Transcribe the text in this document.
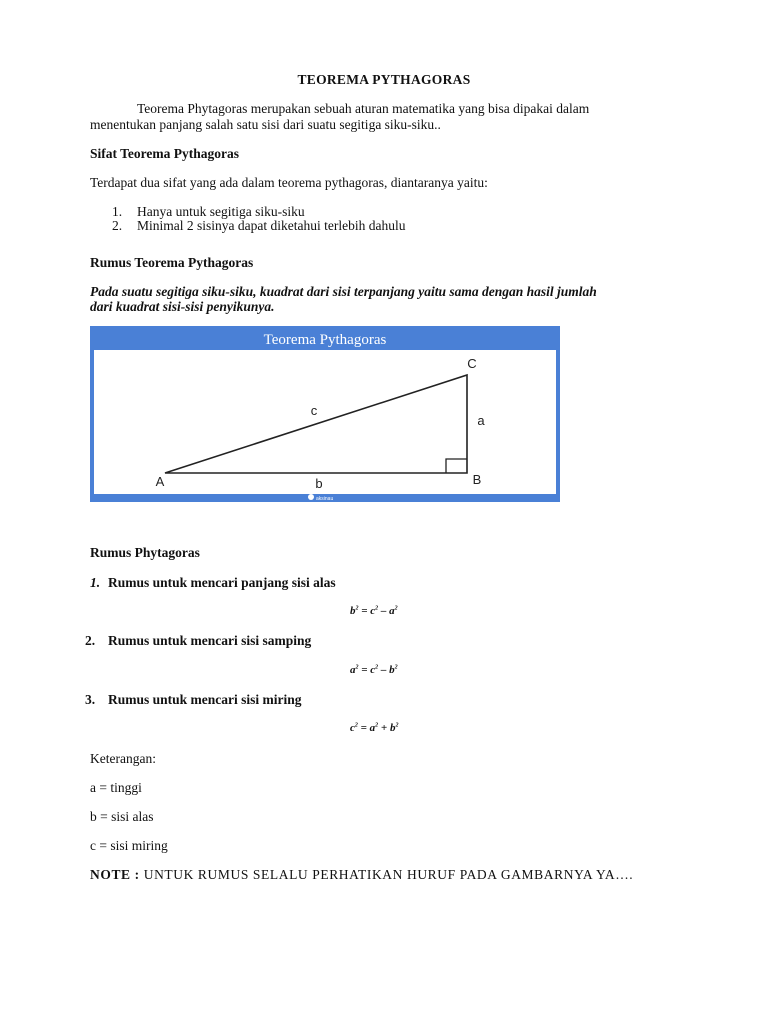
TEOREMA PYTHAGORAS
Teorema Phytagoras merupakan sebuah aturan matematika yang bisa dipakai dalam
menentukan panjang salah satu sisi dari suatu segitiga siku-siku..
Sifat Teorema Pythagoras
Terdapat dua sifat yang ada dalam teorema pythagoras, diantaranya yaitu:
1. Hanya untuk segitiga siku-siku
2. Minimal 2 sisinya dapat diketahui terlebih dahulu
Rumus Teorema Pythagoras
Pada suatu segitiga siku-siku, kuadrat dari sisi terpanjang yaitu sama dengan hasil jumlah
dari kuadrat sisi-sisi penyikunya.
Teorema Pythagoras
A	B
C
a
b
c
aksinau
Rumus Phytagoras
1. Rumus untuk mencari panjang sisi alas
$b^2 = c^2 - a^2$
2. Rumus untuk mencari sisi samping
$a^2 = c^2 - b^2$
3. Rumus untuk mencari sisi miring
$c^2 = a^2 + b^2$
Keterangan:
a = tinggi
b = sisi alas
c = sisi miring
NOTE : UNTUK RUMUS SELALU PERHATIKAN HURUF PADA GAMBARNYA YA….
